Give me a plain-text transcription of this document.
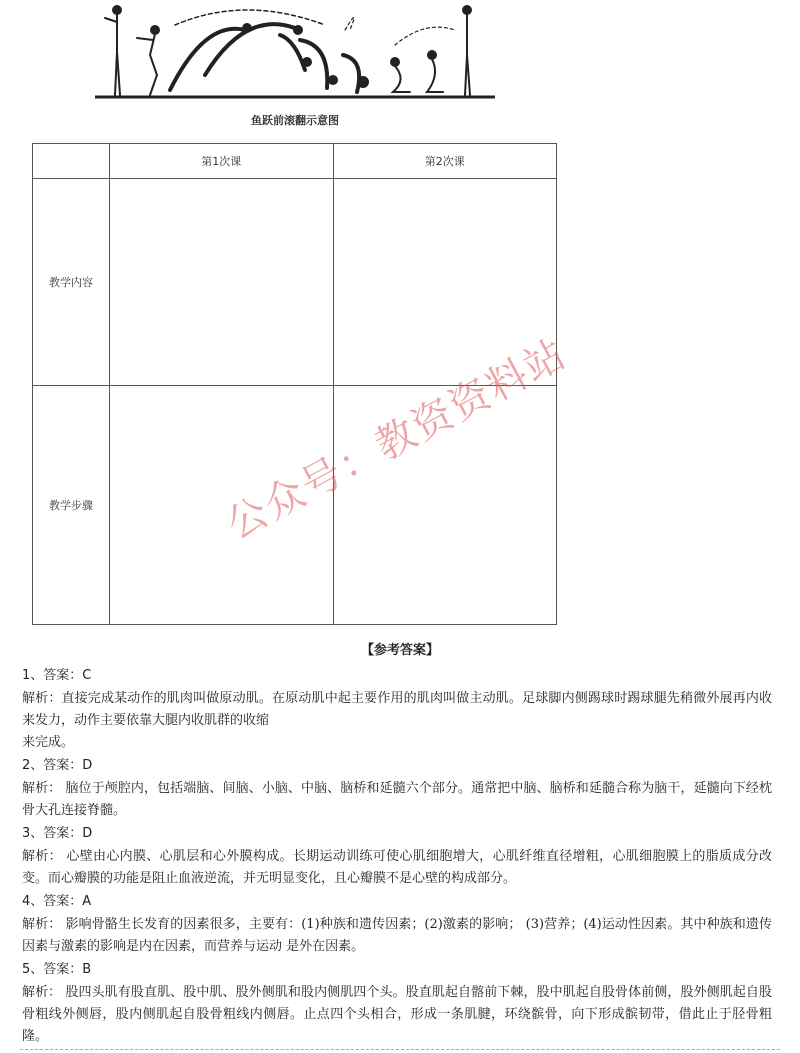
鱼跃前滚翻示意图
	第1次课	第2次课
教学内容		
教学步骤		
【参考答案】

1、答案：C

解析：直接完成某动作的肌肉叫做原动肌。在原动肌中起主要作用的肌肉叫做主动肌。足球脚内侧踢球时踢球腿先稍微外展再内收来发力，动作主要依靠大腿内收肌群的收缩
来完成。

2、答案：D

解析： 脑位于颅腔内，包括端脑、间脑、小脑、中脑、脑桥和延髓六个部分。通常把中脑、脑桥和延髓合称为脑干，延髓向下经枕骨大孔连接脊髓。

3、答案：D

解析： 心壁由心内膜、心肌层和心外膜构成。长期运动训练可使心肌细胞增大，心肌纤维直径增粗，心肌细胞膜上的脂质成分改变。而心瓣膜的功能是阻止血液逆流，并无明显变化，且心瓣膜不是心壁的构成部分。

4、答案：A

解析： 影响骨骼生长发育的因素很多，主要有：(1)种族和遗传因素；(2)激素的影响； (3)营养；(4)运动性因素。其中种族和遗传因素与激素的影响是内在因素，而营养与运动 是外在因素。

5、答案：B

解析： 股四头肌有股直肌、股中肌、股外侧肌和股内侧肌四个头。股直肌起自髂前下棘，股中肌起自股骨体前侧，股外侧肌起自股骨粗线外侧唇，股内侧肌起自股骨粗线内侧唇。止点四个头相合，形成一条肌腱，环绕髌骨，向下形成髌韧带，借此止于胫骨粗隆。

公众号：教资资料站
